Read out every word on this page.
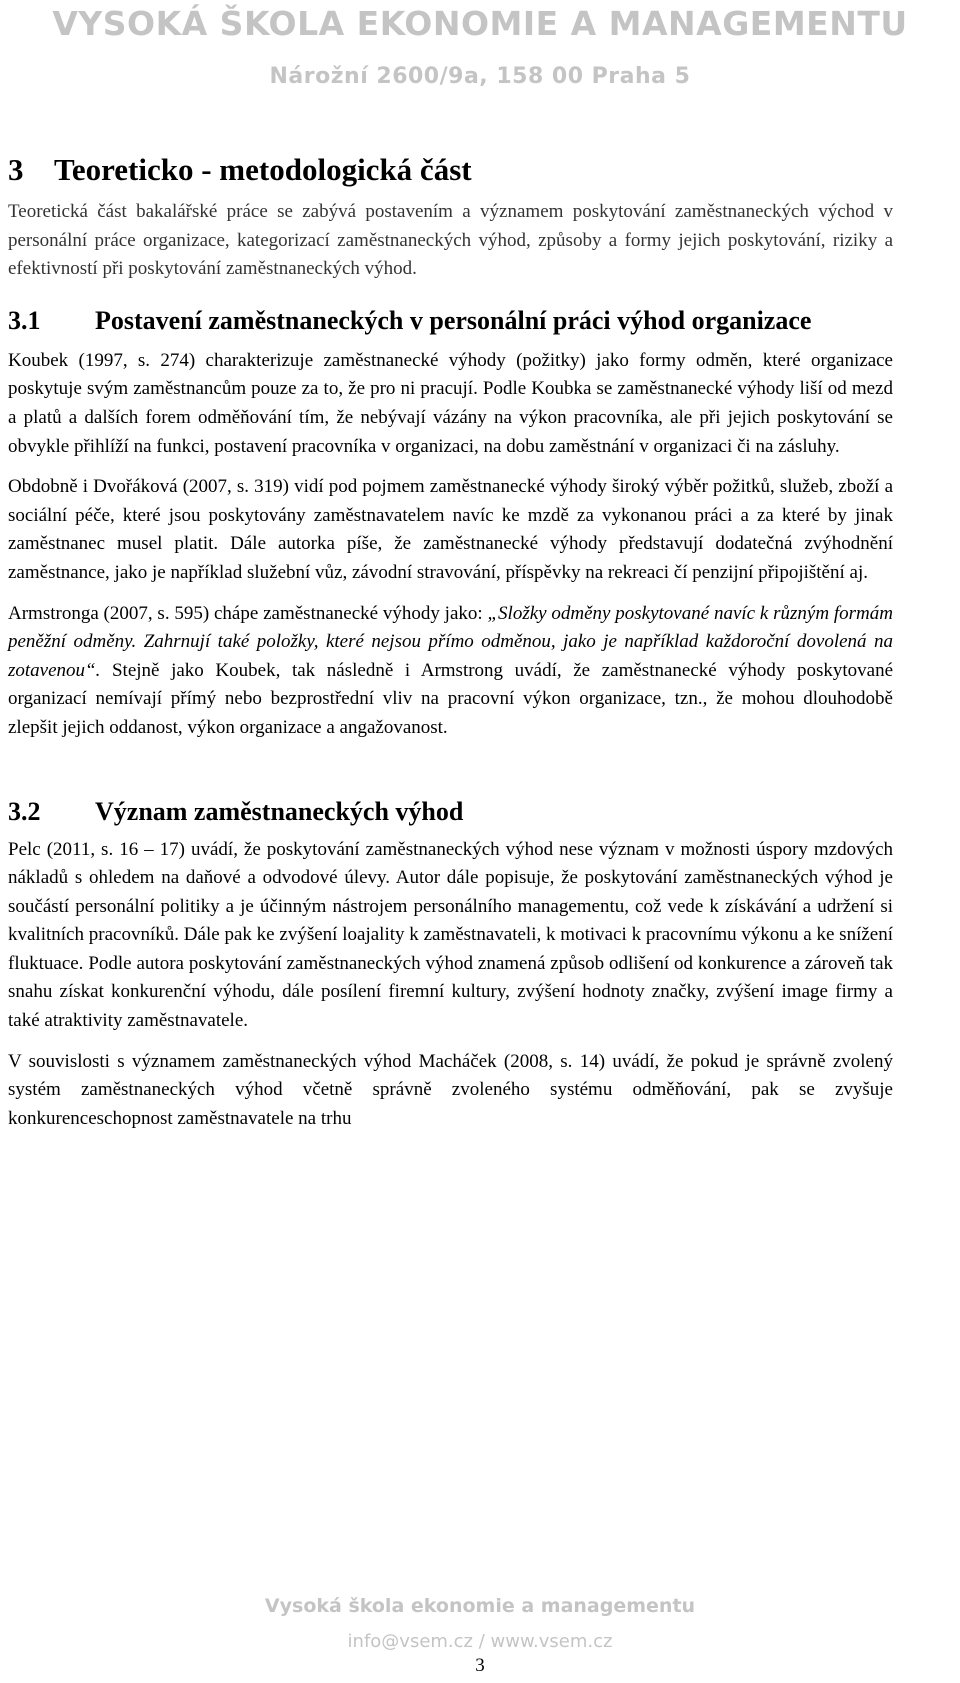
VYSOKÁ ŠKOLA EKONOMIE A MANAGEMENTU
Nárožní 2600/9a, 158 00 Praha 5
3 Teoreticko - metodologická část

Teoretická část bakalářské práce se zabývá postavením a významem poskytování zaměstnaneckých východ v personální práce organizace, kategorizací zaměstnaneckých výhod, způsoby a formy jejich poskytování, riziky a efektivností při poskytování zaměstnaneckých výhod.

3.1	Postavení zaměstnaneckých v personální práci výhod organizace

Koubek (1997, s. 274) charakterizuje zaměstnanecké výhody (požitky) jako formy odměn, které organizace poskytuje svým zaměstnancům pouze za to, že pro ni pracují. Podle Koubka se zaměstnanecké výhody liší od mezd a platů a dalších forem odměňování tím, že nebývají vázány na výkon pracovníka, ale při jejich poskytování se obvykle přihlíží na funkci, postavení pracovníka v organizaci, na dobu zaměstnání v organizaci či na zásluhy.

Obdobně i Dvořáková (2007, s. 319) vidí pod pojmem zaměstnanecké výhody široký výběr požitků, služeb, zboží a sociální péče, které jsou poskytovány zaměstnavatelem navíc ke mzdě za vykonanou práci a za které by jinak zaměstnanec musel platit. Dále autorka píše, že zaměstnanecké výhody představují dodatečná zvýhodnění zaměstnance, jako je například služební vůz, závodní stravování, příspěvky na rekreaci čí penzijní připojištění aj.

Armstronga (2007, s. 595) chápe zaměstnanecké výhody jako: „Složky odměny poskytované navíc k různým formám peněžní odměny. Zahrnují také položky, které nejsou přímo odměnou, jako je například každoroční dovolená na zotavenou“. Stejně jako Koubek, tak následně i Armstrong uvádí, že zaměstnanecké výhody poskytované organizací nemívají přímý nebo bezprostřední vliv na pracovní výkon organizace, tzn., že mohou dlouhodobě zlepšit jejich oddanost, výkon organizace a angažovanost.

3.2	Význam zaměstnaneckých výhod

Pelc (2011, s. 16 – 17) uvádí, že poskytování zaměstnaneckých výhod nese význam v možnosti úspory mzdových nákladů s ohledem na daňové a odvodové úlevy. Autor dále popisuje, že poskytování zaměstnaneckých výhod je součástí personální politiky a je účinným nástrojem personálního managementu, což vede k získávání a udržení si kvalitních pracovníků. Dále pak ke zvýšení loajality k zaměstnavateli, k motivaci k pracovnímu výkonu a ke snížení fluktuace. Podle autora poskytování zaměstnaneckých výhod znamená způsob odlišení od konkurence a zároveň tak snahu získat konkurenční výhodu, dále posílení firemní kultury, zvýšení hodnoty značky, zvýšení image firmy a také atraktivity zaměstnavatele.

V souvislosti s významem zaměstnaneckých výhod Macháček (2008, s. 14) uvádí, že pokud je správně zvolený systém zaměstnaneckých výhod včetně správně zvoleného systému odměňování, pak se zvyšuje konkurenceschopnost zaměstnavatele na trhu

Vysoká škola ekonomie a managementu
info@vsem.cz / www.vsem.cz
3
